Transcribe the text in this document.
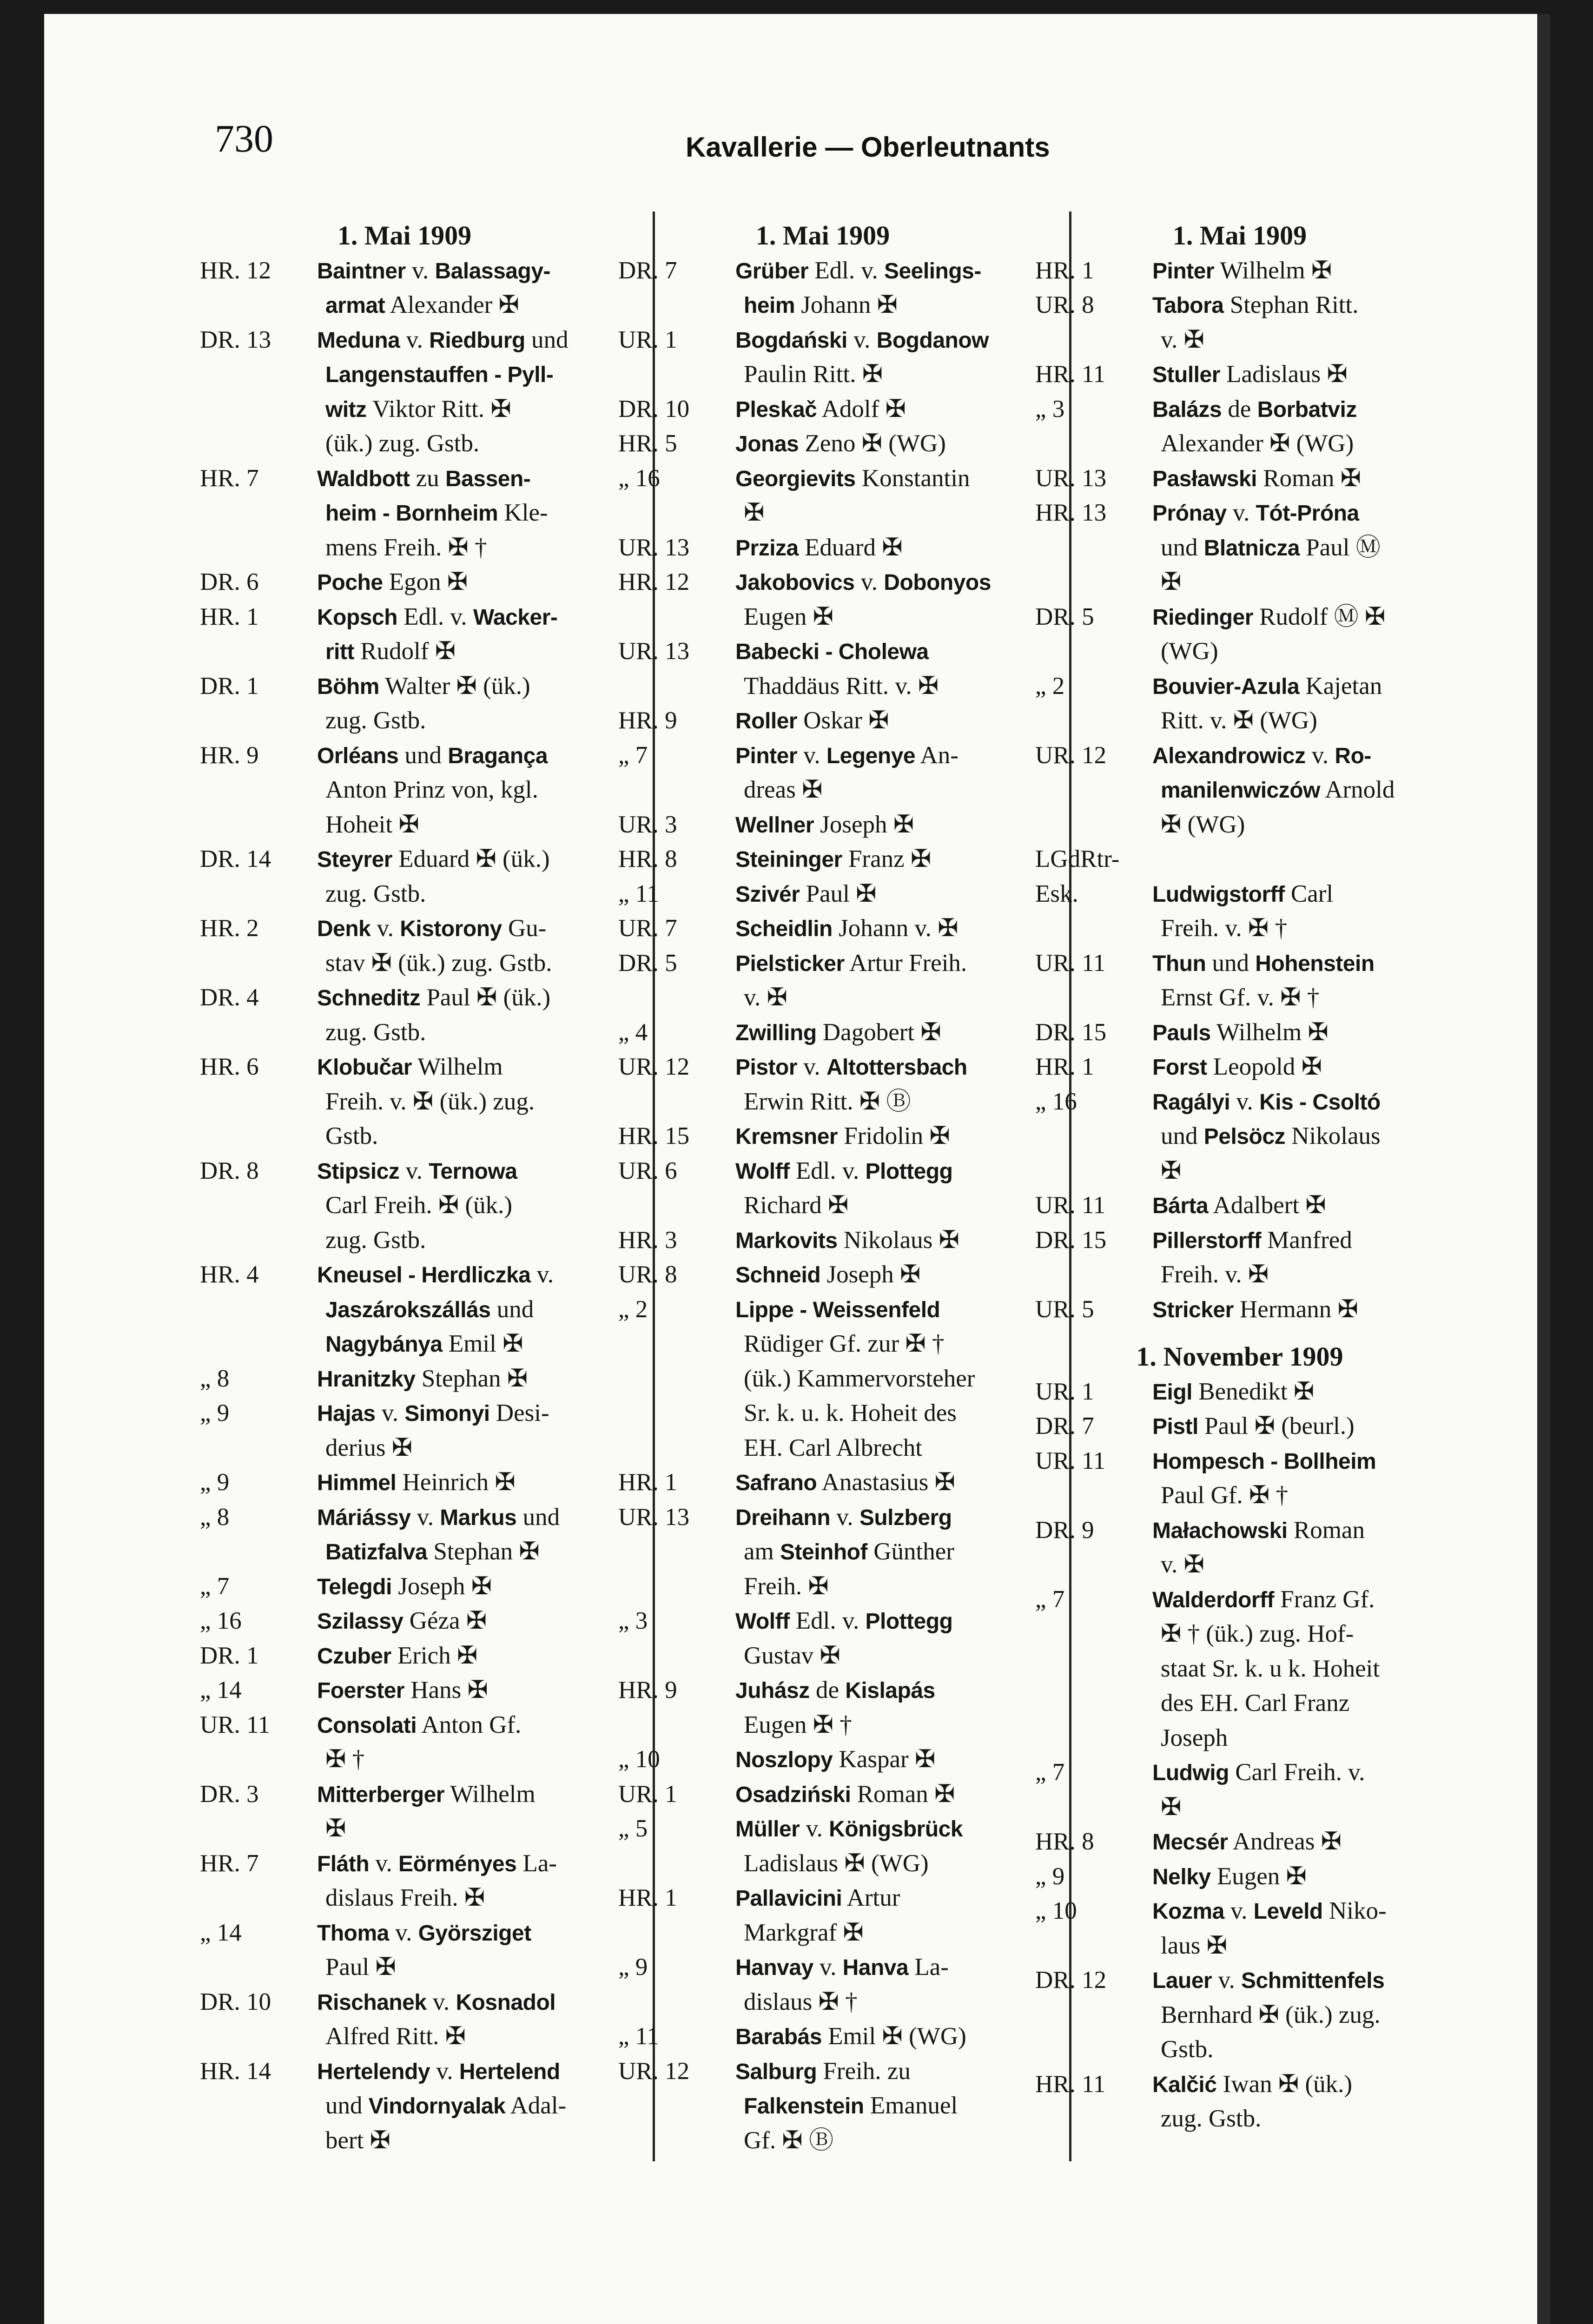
730	Kavallerie — Oberleutnants
1. Mai 1909
HR. 12	Baintner v. Balassagy-
armat Alexander ✠
DR. 13	Meduna v. Riedburg und
Langenstauffen - Pyll-
witz Viktor Ritt. ✠
(ük.) zug. Gstb.
HR. 7	Waldbott zu Bassen-
heim - Bornheim Kle-
mens Freih. ✠ †
DR. 6	Poche Egon ✠
HR. 1	Kopsch Edl. v. Wacker-
ritt Rudolf ✠
DR. 1	Böhm Walter ✠ (ük.)
zug. Gstb.
HR. 9	Orléans und Bragança
Anton Prinz von, kgl.
Hoheit ✠
DR. 14	Steyrer Eduard ✠ (ük.)
zug. Gstb.
HR. 2	Denk v. Kistorony Gu-
stav ✠ (ük.) zug. Gstb.
DR. 4	Schneditz Paul ✠ (ük.)
zug. Gstb.
HR. 6	Klobučar Wilhelm
Freih. v. ✠ (ük.) zug.
Gstb.
DR. 8	Stipsicz v. Ternowa
Carl Freih. ✠ (ük.)
zug. Gstb.
HR. 4	Kneusel - Herdliczka v.
Jaszárokszállás und
Nagybánya Emil ✠
„ 8	Hranitzky Stephan ✠
„ 9	Hajas v. Simonyi Desi-
derius ✠
„ 9	Himmel Heinrich ✠
„ 8	Máriássy v. Markus und
Batizfalva Stephan ✠
„ 7	Telegdi Joseph ✠
„ 16	Szilassy Géza ✠
DR. 1	Czuber Erich ✠
„ 14	Foerster Hans ✠
UR. 11	Consolati Anton Gf.
✠ †
DR. 3	Mitterberger Wilhelm
✠
HR. 7	Fláth v. Eörményes La-
dislaus Freih. ✠
„ 14	Thoma v. Györsziget
Paul ✠
DR. 10	Rischanek v. Kosnadol
Alfred Ritt. ✠
HR. 14	Hertelendy v. Hertelend
und Vindornyalak Adal-
bert ✠
1. Mai 1909
DR. 7	Grüber Edl. v. Seelings-
heim Johann ✠
UR. 1	Bogdański v. Bogdanow
Paulin Ritt. ✠
DR. 10	Pleskač Adolf ✠
HR. 5	Jonas Zeno ✠ (WG)
„ 16	Georgievits Konstantin
✠
UR. 13	Prziza Eduard ✠
HR. 12	Jakobovics v. Dobonyos
Eugen ✠
UR. 13	Babecki - Cholewa
Thaddäus Ritt. v. ✠
HR. 9	Roller Oskar ✠
„ 7	Pinter v. Legenye An-
dreas ✠
UR. 3	Wellner Joseph ✠
HR. 8	Steininger Franz ✠
„ 11	Szivér Paul ✠
UR. 7	Scheidlin Johann v. ✠
DR. 5	Pielsticker Artur Freih.
v. ✠
„ 4	Zwilling Dagobert ✠
UR. 12	Pistor v. Altottersbach
Erwin Ritt. ✠ Ⓑ
HR. 15	Kremsner Fridolin ✠
UR. 6	Wolff Edl. v. Plottegg
Richard ✠
HR. 3	Markovits Nikolaus ✠
UR. 8	Schneid Joseph ✠
„ 2	Lippe - Weissenfeld
Rüdiger Gf. zur ✠ †
(ük.) Kammervorsteher
Sr. k. u. k. Hoheit des
EH. Carl Albrecht
HR. 1	Safrano Anastasius ✠
UR. 13	Dreihann v. Sulzberg
am Steinhof Günther
Freih. ✠
„ 3	Wolff Edl. v. Plottegg
Gustav ✠
HR. 9	Juhász de Kislapás
Eugen ✠ †
„ 10	Noszlopy Kaspar ✠
UR. 1	Osadziński Roman ✠
„ 5	Müller v. Königsbrück
Ladislaus ✠ (WG)
HR. 1	Pallavicini Artur
Markgraf ✠
„ 9	Hanvay v. Hanva La-
dislaus ✠ †
„ 11	Barabás Emil ✠ (WG)
UR. 12	Salburg Freih. zu
Falkenstein Emanuel
Gf. ✠ Ⓑ
1. Mai 1909
HR. 1	Pinter Wilhelm ✠
UR. 8	Tabora Stephan Ritt.
v. ✠
HR. 11	Stuller Ladislaus ✠
„ 3	Balázs de Borbatviz
Alexander ✠ (WG)
UR. 13	Pasławski Roman ✠
HR. 13	Prónay v. Tót-Próna
und Blatnicza Paul Ⓜ
✠
DR. 5	Riedinger Rudolf Ⓜ ✠
(WG)
„ 2	Bouvier-Azula Kajetan
Ritt. v. ✠ (WG)
UR. 12	Alexandrowicz v. Ro-
manilenwiczów Arnold
✠ (WG)
LGdRtr-
Esk.	Ludwigstorff Carl
Freih. v. ✠ †
UR. 11	Thun und Hohenstein
Ernst Gf. v. ✠ †
DR. 15	Pauls Wilhelm ✠
HR. 1	Forst Leopold ✠
„ 16	Ragályi v. Kis - Csoltó
und Pelsöcz Nikolaus
✠
UR. 11	Bárta Adalbert ✠
DR. 15	Pillerstorff Manfred
Freih. v. ✠
UR. 5	Stricker Hermann ✠
1. November 1909
UR. 1	Eigl Benedikt ✠
DR. 7	Pistl Paul ✠ (beurl.)
UR. 11	Hompesch - Bollheim
Paul Gf. ✠ †
DR. 9	Małachowski Roman
v. ✠
„ 7	Walderdorff Franz Gf.
✠ † (ük.) zug. Hof-
staat Sr. k. u k. Hoheit
des EH. Carl Franz
Joseph
„ 7	Ludwig Carl Freih. v.
✠
HR. 8	Mecsér Andreas ✠
„ 9	Nelky Eugen ✠
„ 10	Kozma v. Leveld Niko-
laus ✠
DR. 12	Lauer v. Schmittenfels
Bernhard ✠ (ük.) zug.
Gstb.
HR. 11	Kalčić Iwan ✠ (ük.)
zug. Gstb.
